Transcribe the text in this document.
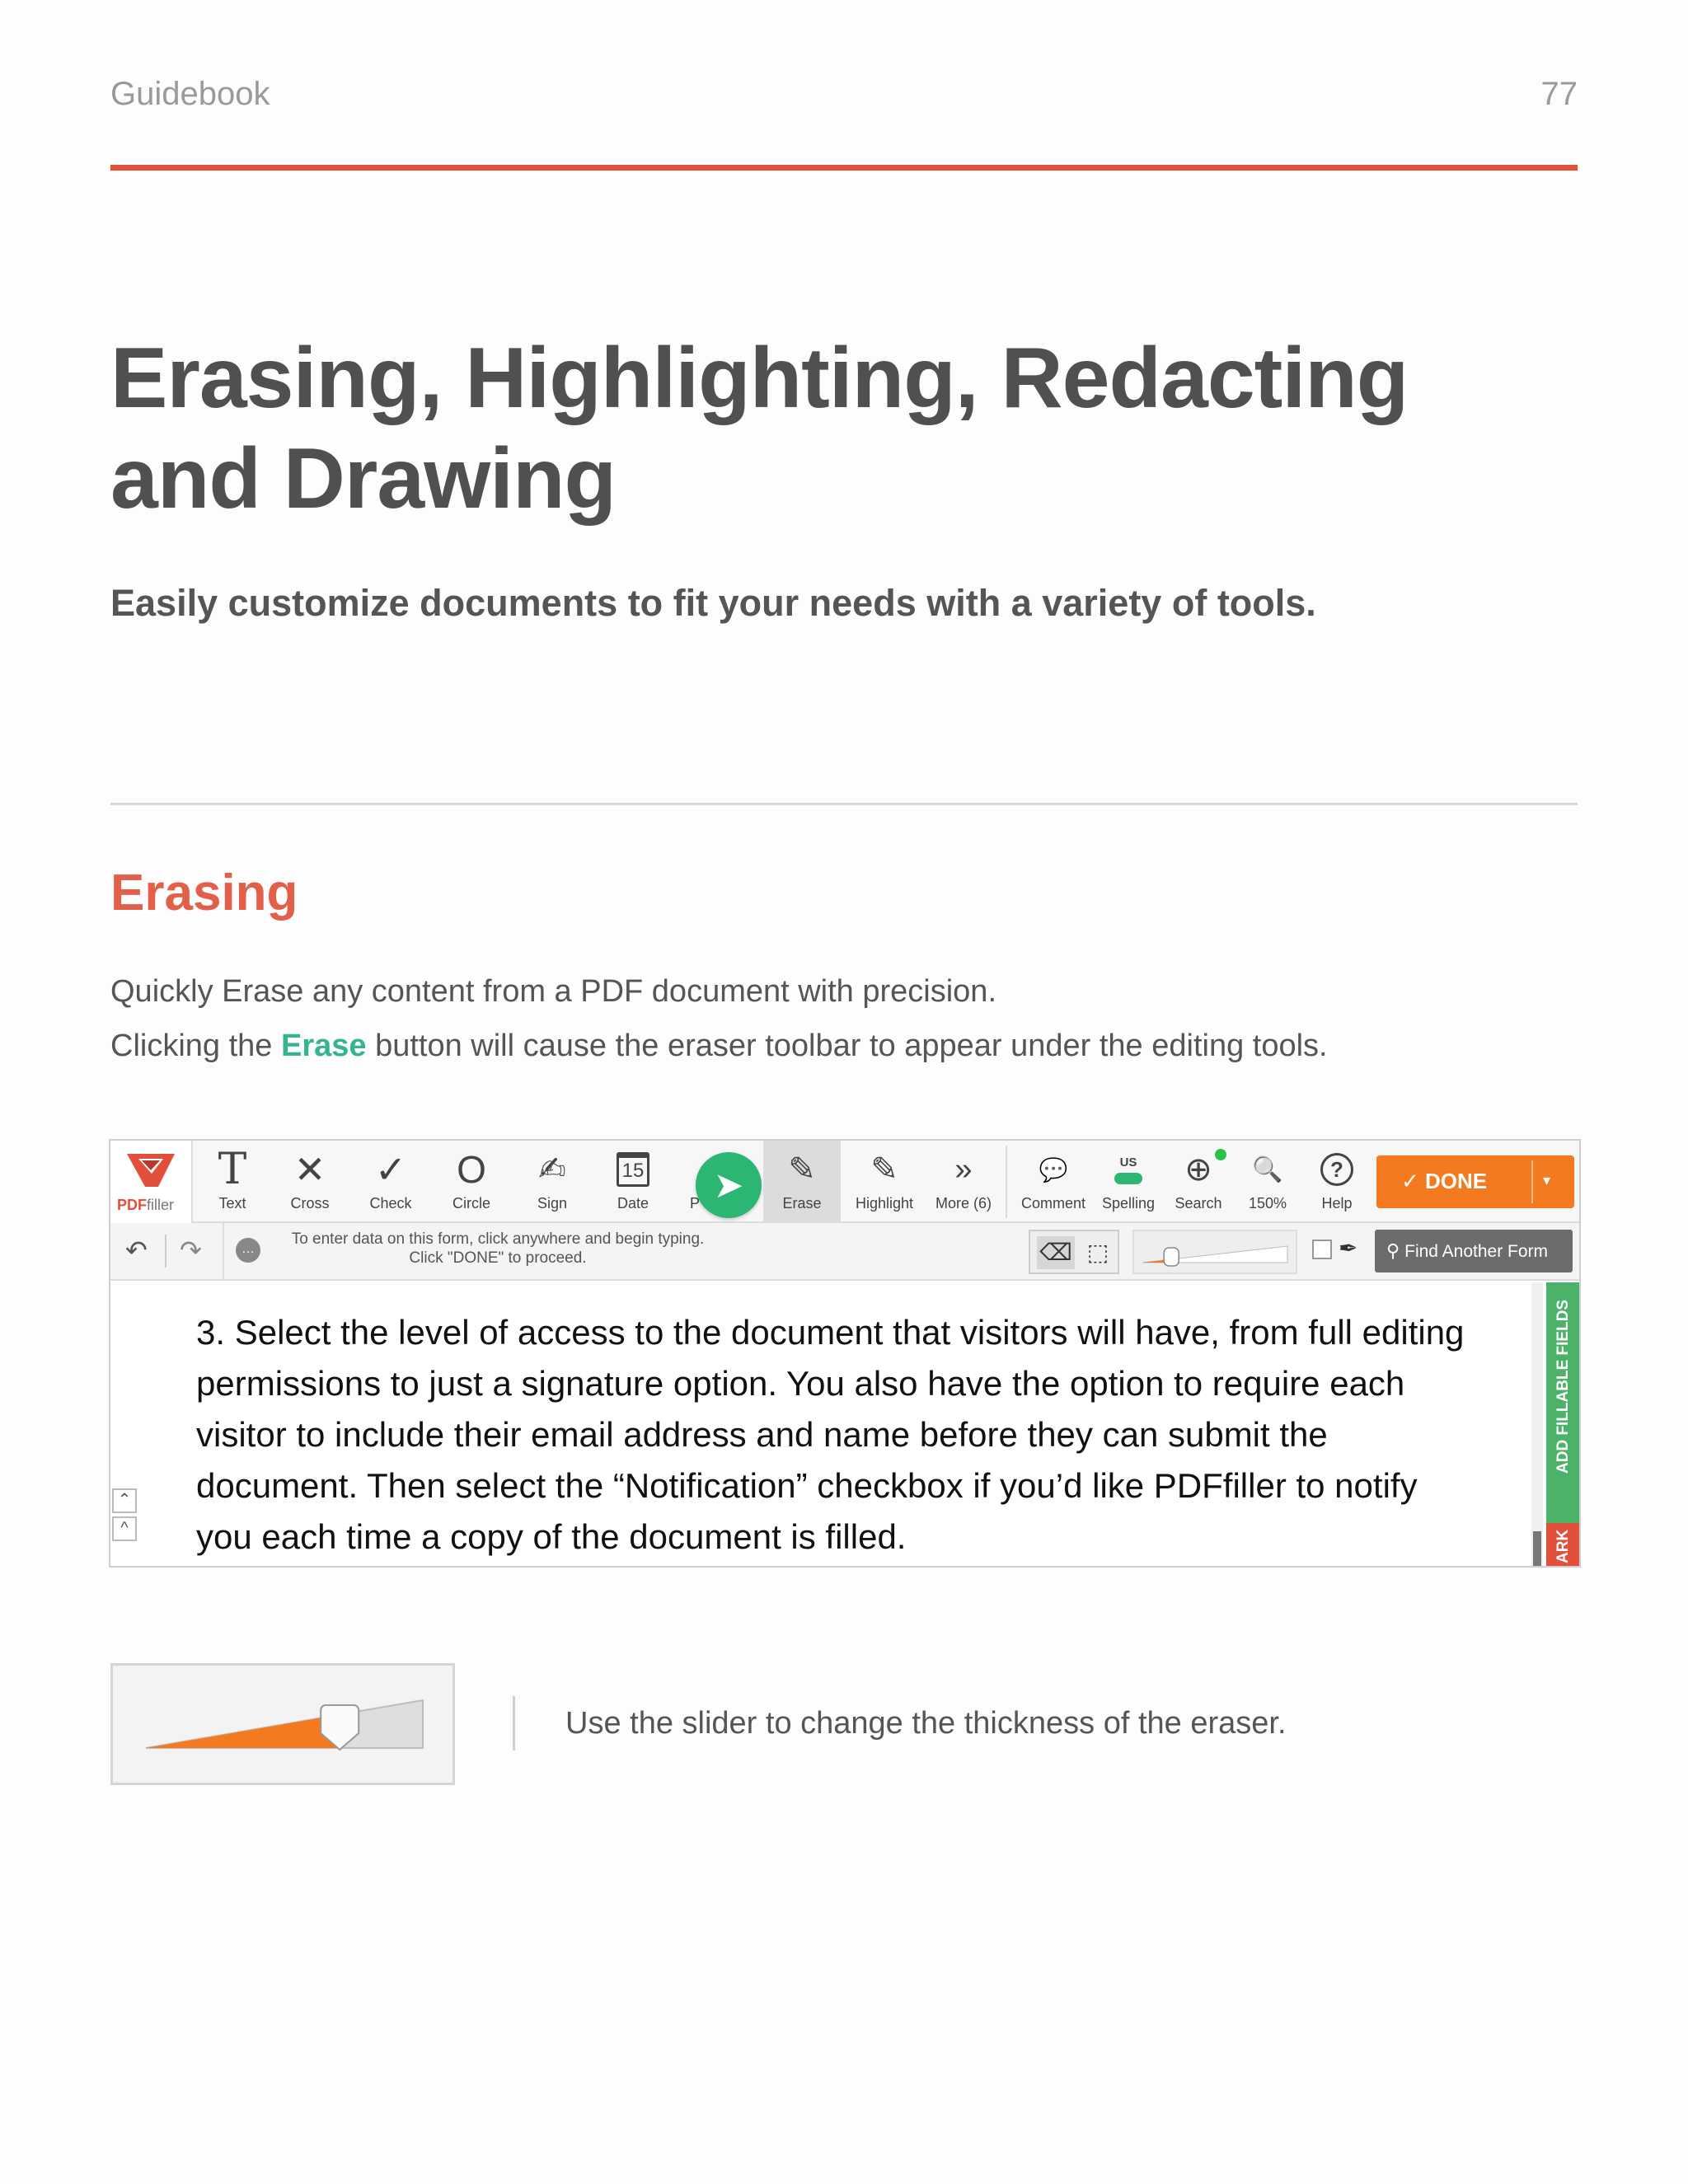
Guidebook	77
Erasing, Highlighting, Redacting and Drawing
Easily customize documents to fit your needs with a variety of tools.
Erasing

Quickly Erase any content from a PDF document with precision.

Clicking the Erase button will cause the eraser toolbar to appear under the editing tools.

PDFfiller
T
Text
✕
Cross
✓
Check
O
Circle
✍
Sign
15
Date	P ➤	✎
Erase
✎
Highlight
»
More (6)
💬
Comment
US
Spelling
⊕
Search
🔍
150%
?
Help
✓ DONE	▾
↶ ↷	…
To enter data on this form, click anywhere and begin typing.
Click "DONE" to proceed.	⌫ ⬚	✒	⚲ Find Another Form
3. Select the level of access to the document that visitors will have, from full editing permissions to just a signature option. You also have the option to require each visitor to include their email address and name before they can submit the document. Then select the “Notification” checkbox if you’d like PDFfiller to notify you each time a copy of the document is filled.
⌃
^
ADD FILLABLE FIELDS
ARK
Use the slider to change the thickness of the eraser.
